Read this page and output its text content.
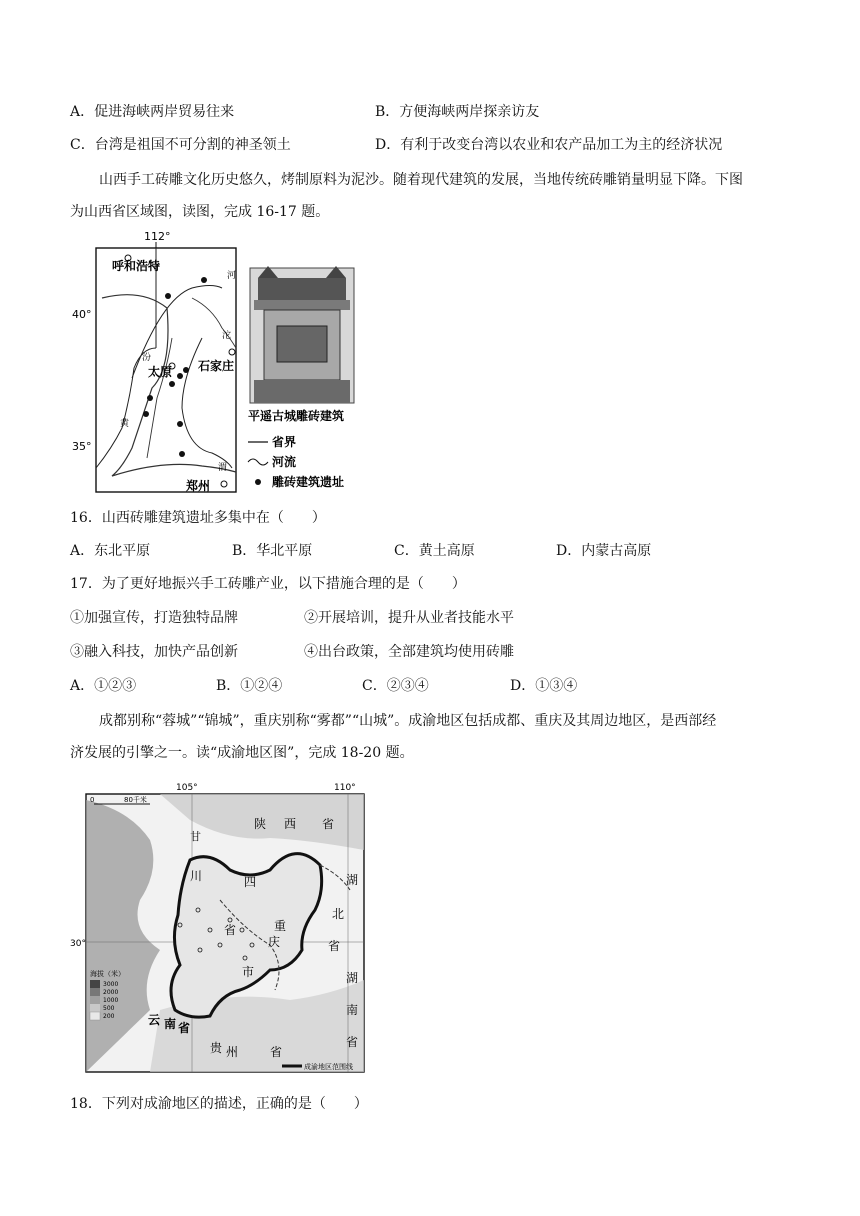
A．促进海峡两岸贸易往来	B．方便海峡两岸探亲访友
C．台湾是祖国不可分割的神圣领土	D．有利于改变台湾以农业和农产品加工为主的经济状况
山西手工砖雕文化历史悠久，烤制原料为泥沙。随着现代建筑的发展，当地传统砖雕销量明显下降。下图
为山西省区域图，读图，完成 16-17 题。
112°
40°
35°
呼和浩特
太原 石家庄
郑州
汾
黄
河
沱
渭
平遥古城雕砖建筑
省界
河流
雕砖建筑遗址
16．山西砖雕建筑遗址多集中在（　　）
A．东北平原	B．华北平原	C．黄土高原	D．内蒙古高原
17．为了更好地振兴手工砖雕产业，以下措施合理的是（　　）
①加强宣传，打造独特品牌	②开展培训，提升从业者技能水平
③融入科技，加快产品创新	④出台政策，全部建筑均使用砖雕
A．①②③	B．①②④	C．②③④	D．①③④
成都别称“蓉城”“锦城”，重庆别称“雾都”“山城”。成渝地区包括成都、重庆及其周边地区，是西部经
济发展的引擎之一。读“成渝地区图”，完成 18-20 题。
105°	110°
30°
0	80千米
甘
陕 西 省
湖
北
省
四
川
省	重
庆
市	湖
南
省
云 南 省
贵 州	省
海拔（米）
3000
2000
1000
500
200
成渝地区范围线
18．下列对成渝地区的描述，正确的是（　　）
